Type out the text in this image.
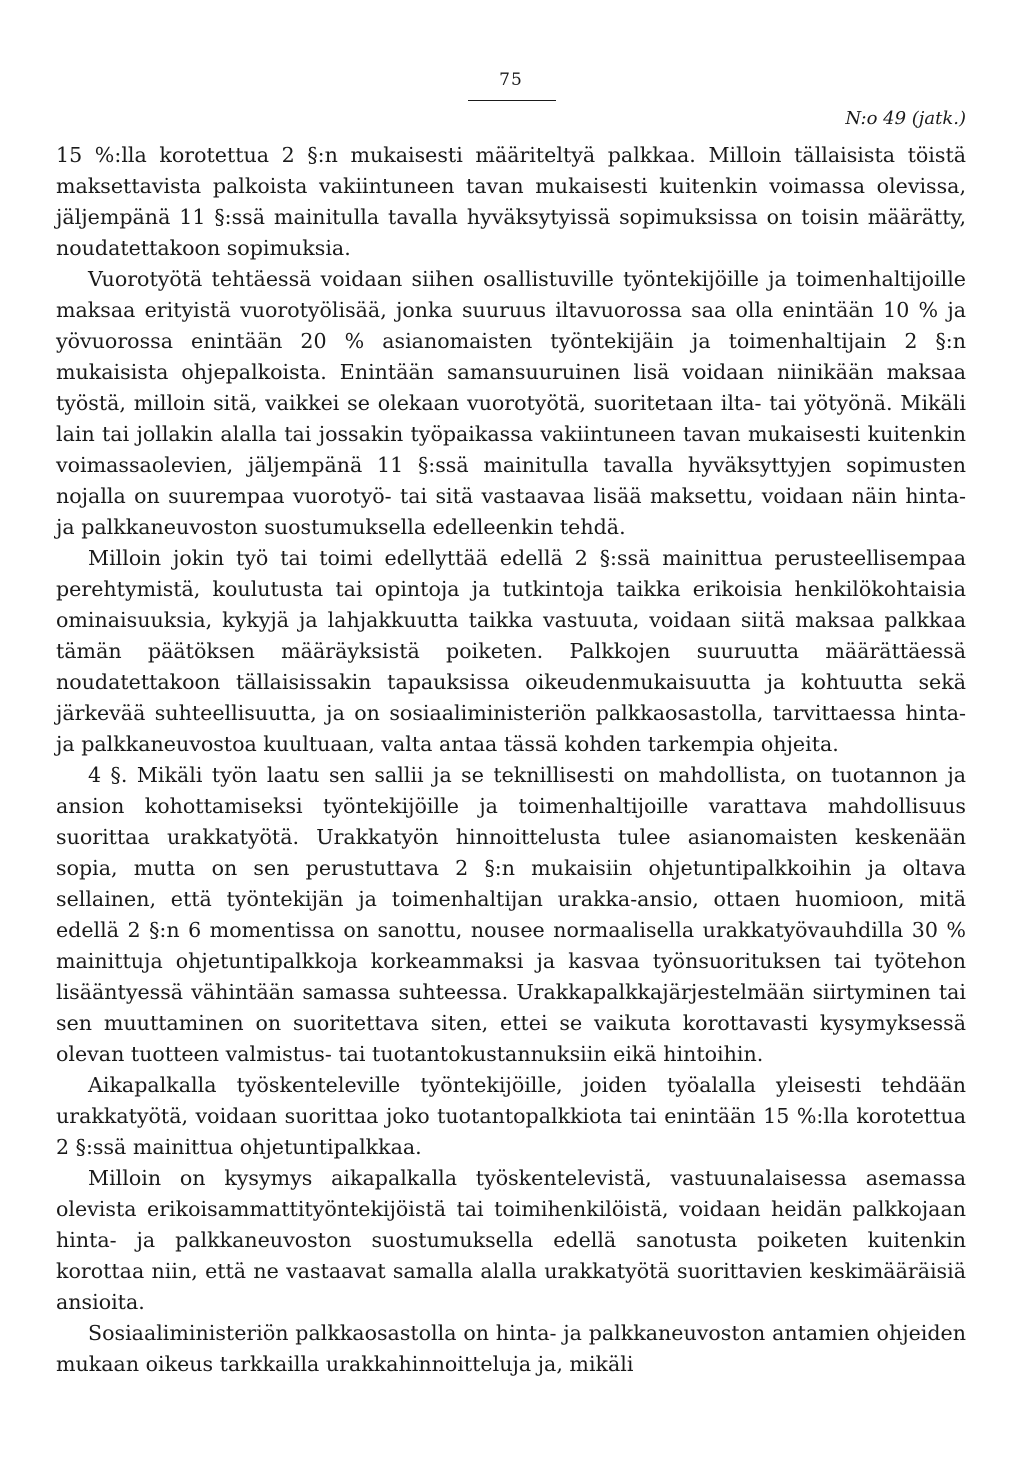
75
N:o 49 (jatk.)

15 %:lla korotettua 2 §:n mukaisesti määriteltyä palkkaa. Milloin tällaisista töistä maksettavista palkoista vakiintuneen tavan mukaisesti kuitenkin voimassa olevissa, jäljempänä 11 §:ssä mainitulla tavalla hyväksytyissä sopimuksissa on toisin määrätty, noudatettakoon sopimuksia.

Vuorotyötä tehtäessä voidaan siihen osallistuville työntekijöille ja toimenhaltijoille maksaa erityistä vuorotyölisää, jonka suuruus iltavuorossa saa olla enintään 10 % ja yövuorossa enintään 20 % asianomaisten työntekijäin ja toimenhaltijain 2 §:n mukaisista ohjepalkoista. Enintään samansuuruinen lisä voidaan niinikään maksaa työstä, milloin sitä, vaikkei se olekaan vuorotyötä, suoritetaan ilta- tai yötyönä. Mikäli lain tai jollakin alalla tai jossakin työpaikassa vakiintuneen tavan mukaisesti kuitenkin voimassaolevien, jäljempänä 11 §:ssä mainitulla tavalla hyväksyttyjen sopimusten nojalla on suurempaa vuorotyö- tai sitä vastaavaa lisää maksettu, voidaan näin hinta- ja palkkaneuvoston suostumuksella edelleenkin tehdä.

Milloin jokin työ tai toimi edellyttää edellä 2 §:ssä mainittua perusteellisempaa perehtymistä, koulutusta tai opintoja ja tutkintoja taikka erikoisia henkilökohtaisia ominaisuuksia, kykyjä ja lahjakkuutta taikka vastuuta, voidaan siitä maksaa palkkaa tämän päätöksen määräyksistä poiketen. Palkkojen suuruutta määrättäessä noudatettakoon tällaisissakin tapauksissa oikeudenmukaisuutta ja kohtuutta sekä järkevää suhteellisuutta, ja on sosiaaliministeriön palkkaosastolla, tarvittaessa hinta- ja palkkaneuvostoa kuultuaan, valta antaa tässä kohden tarkempia ohjeita.

4 §. Mikäli työn laatu sen sallii ja se teknillisesti on mahdollista, on tuotannon ja ansion kohottamiseksi työntekijöille ja toimenhaltijoille varattava mahdollisuus suorittaa urakkatyötä. Urakkatyön hinnoittelusta tulee asianomaisten keskenään sopia, mutta on sen perustuttava 2 §:n mukaisiin ohjetuntipalkkoihin ja oltava sellainen, että työntekijän ja toimenhaltijan urakka-ansio, ottaen huomioon, mitä edellä 2 §:n 6 momentissa on sanottu, nousee normaalisella urakkatyövauhdilla 30 % mainittuja ohjetuntipalkkoja korkeammaksi ja kasvaa työnsuorituksen tai työtehon lisääntyessä vähintään samassa suhteessa. Urakkapalkkajärjestelmään siirtyminen tai sen muuttaminen on suoritettava siten, ettei se vaikuta korottavasti kysymyksessä olevan tuotteen valmistus- tai tuotantokustannuksiin eikä hintoihin.

Aikapalkalla työskenteleville työntekijöille, joiden työalalla yleisesti tehdään urakkatyötä, voidaan suorittaa joko tuotantopalkkiota tai enintään 15 %:lla korotettua 2 §:ssä mainittua ohjetuntipalkkaa.

Milloin on kysymys aikapalkalla työskentelevistä, vastuunalaisessa asemassa olevista erikoisammattityöntekijöistä tai toimihenkilöistä, voidaan heidän palkkojaan hinta- ja palkkaneuvoston suostumuksella edellä sanotusta poiketen kuitenkin korottaa niin, että ne vastaavat samalla alalla urakkatyötä suorittavien keskimääräisiä ansioita.

Sosiaaliministeriön palkkaosastolla on hinta- ja palkkaneuvoston antamien ohjeiden mukaan oikeus tarkkailla urakkahinnoitteluja ja, mikäli
